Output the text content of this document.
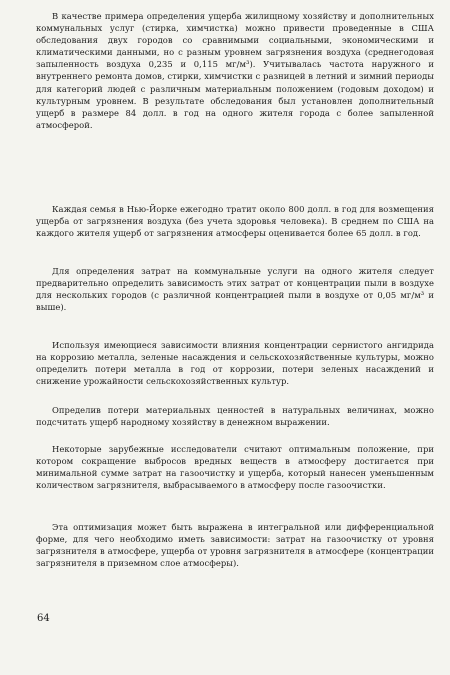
В качестве примера определения ущерба жилищному хозяйству и дополнительных коммунальных услуг (стирка, химчистка) можно привести проведенные в США обследования двух городов со сравнимыми социальными, экономическими и климатическими данными, но с разным уровнем загрязнения воздуха (среднегодовая запыленность воздуха 0,235 и 0,115 мг/м³). Учитывалась частота наружного и внутреннего ремонта домов, стирки, химчистки с разницей в летний и зимний периоды для категорий людей с различным материальным положением (годовым доходом) и культурным уровнем. В результате обследования был установлен дополнительный ущерб в размере 84 долл. в год на одного жителя города с более запыленной атмосферой.

Каждая семья в Нью-Йорке ежегодно тратит около 800 долл. в год для возмещения ущерба от загрязнения воздуха (без учета здоровья человека). В среднем по США на каждого жителя ущерб от загрязнения атмосферы оценивается более 65 долл. в год.

Для определения затрат на коммунальные услуги на одного жителя следует предварительно определить зависимость этих затрат от концентрации пыли в воздухе для нескольких городов (с различной концентрацией пыли в воздухе от 0,05 мг/м³ и выше).

Используя имеющиеся зависимости влияния концентрации сернистого ангидрида на коррозию металла, зеленые насаждения и сельскохозяйственные культуры, можно определить потери металла в год от коррозии, потери зеленых насаждений и снижение урожайности сельскохозяйственных культур.

Определив потери материальных ценностей в натуральных величинах, можно подсчитать ущерб народному хозяйству в денежном выражении.

Некоторые зарубежные исследователи считают оптимальным положение, при котором сокращение выбросов вредных веществ в атмосферу достигается при минимальной сумме затрат на газоочистку и ущерба, который нанесен уменьшенным количеством загрязнителя, выбрасываемого в атмосферу после газоочистки.

Эта оптимизация может быть выражена в интегральной или дифференциальной форме, для чего необходимо иметь зависимости: затрат на газоочистку от уровня загрязнителя в атмосфере, ущерба от уровня загрязнителя в атмосфере (концентрации загрязнителя в приземном слое атмосферы).

64
